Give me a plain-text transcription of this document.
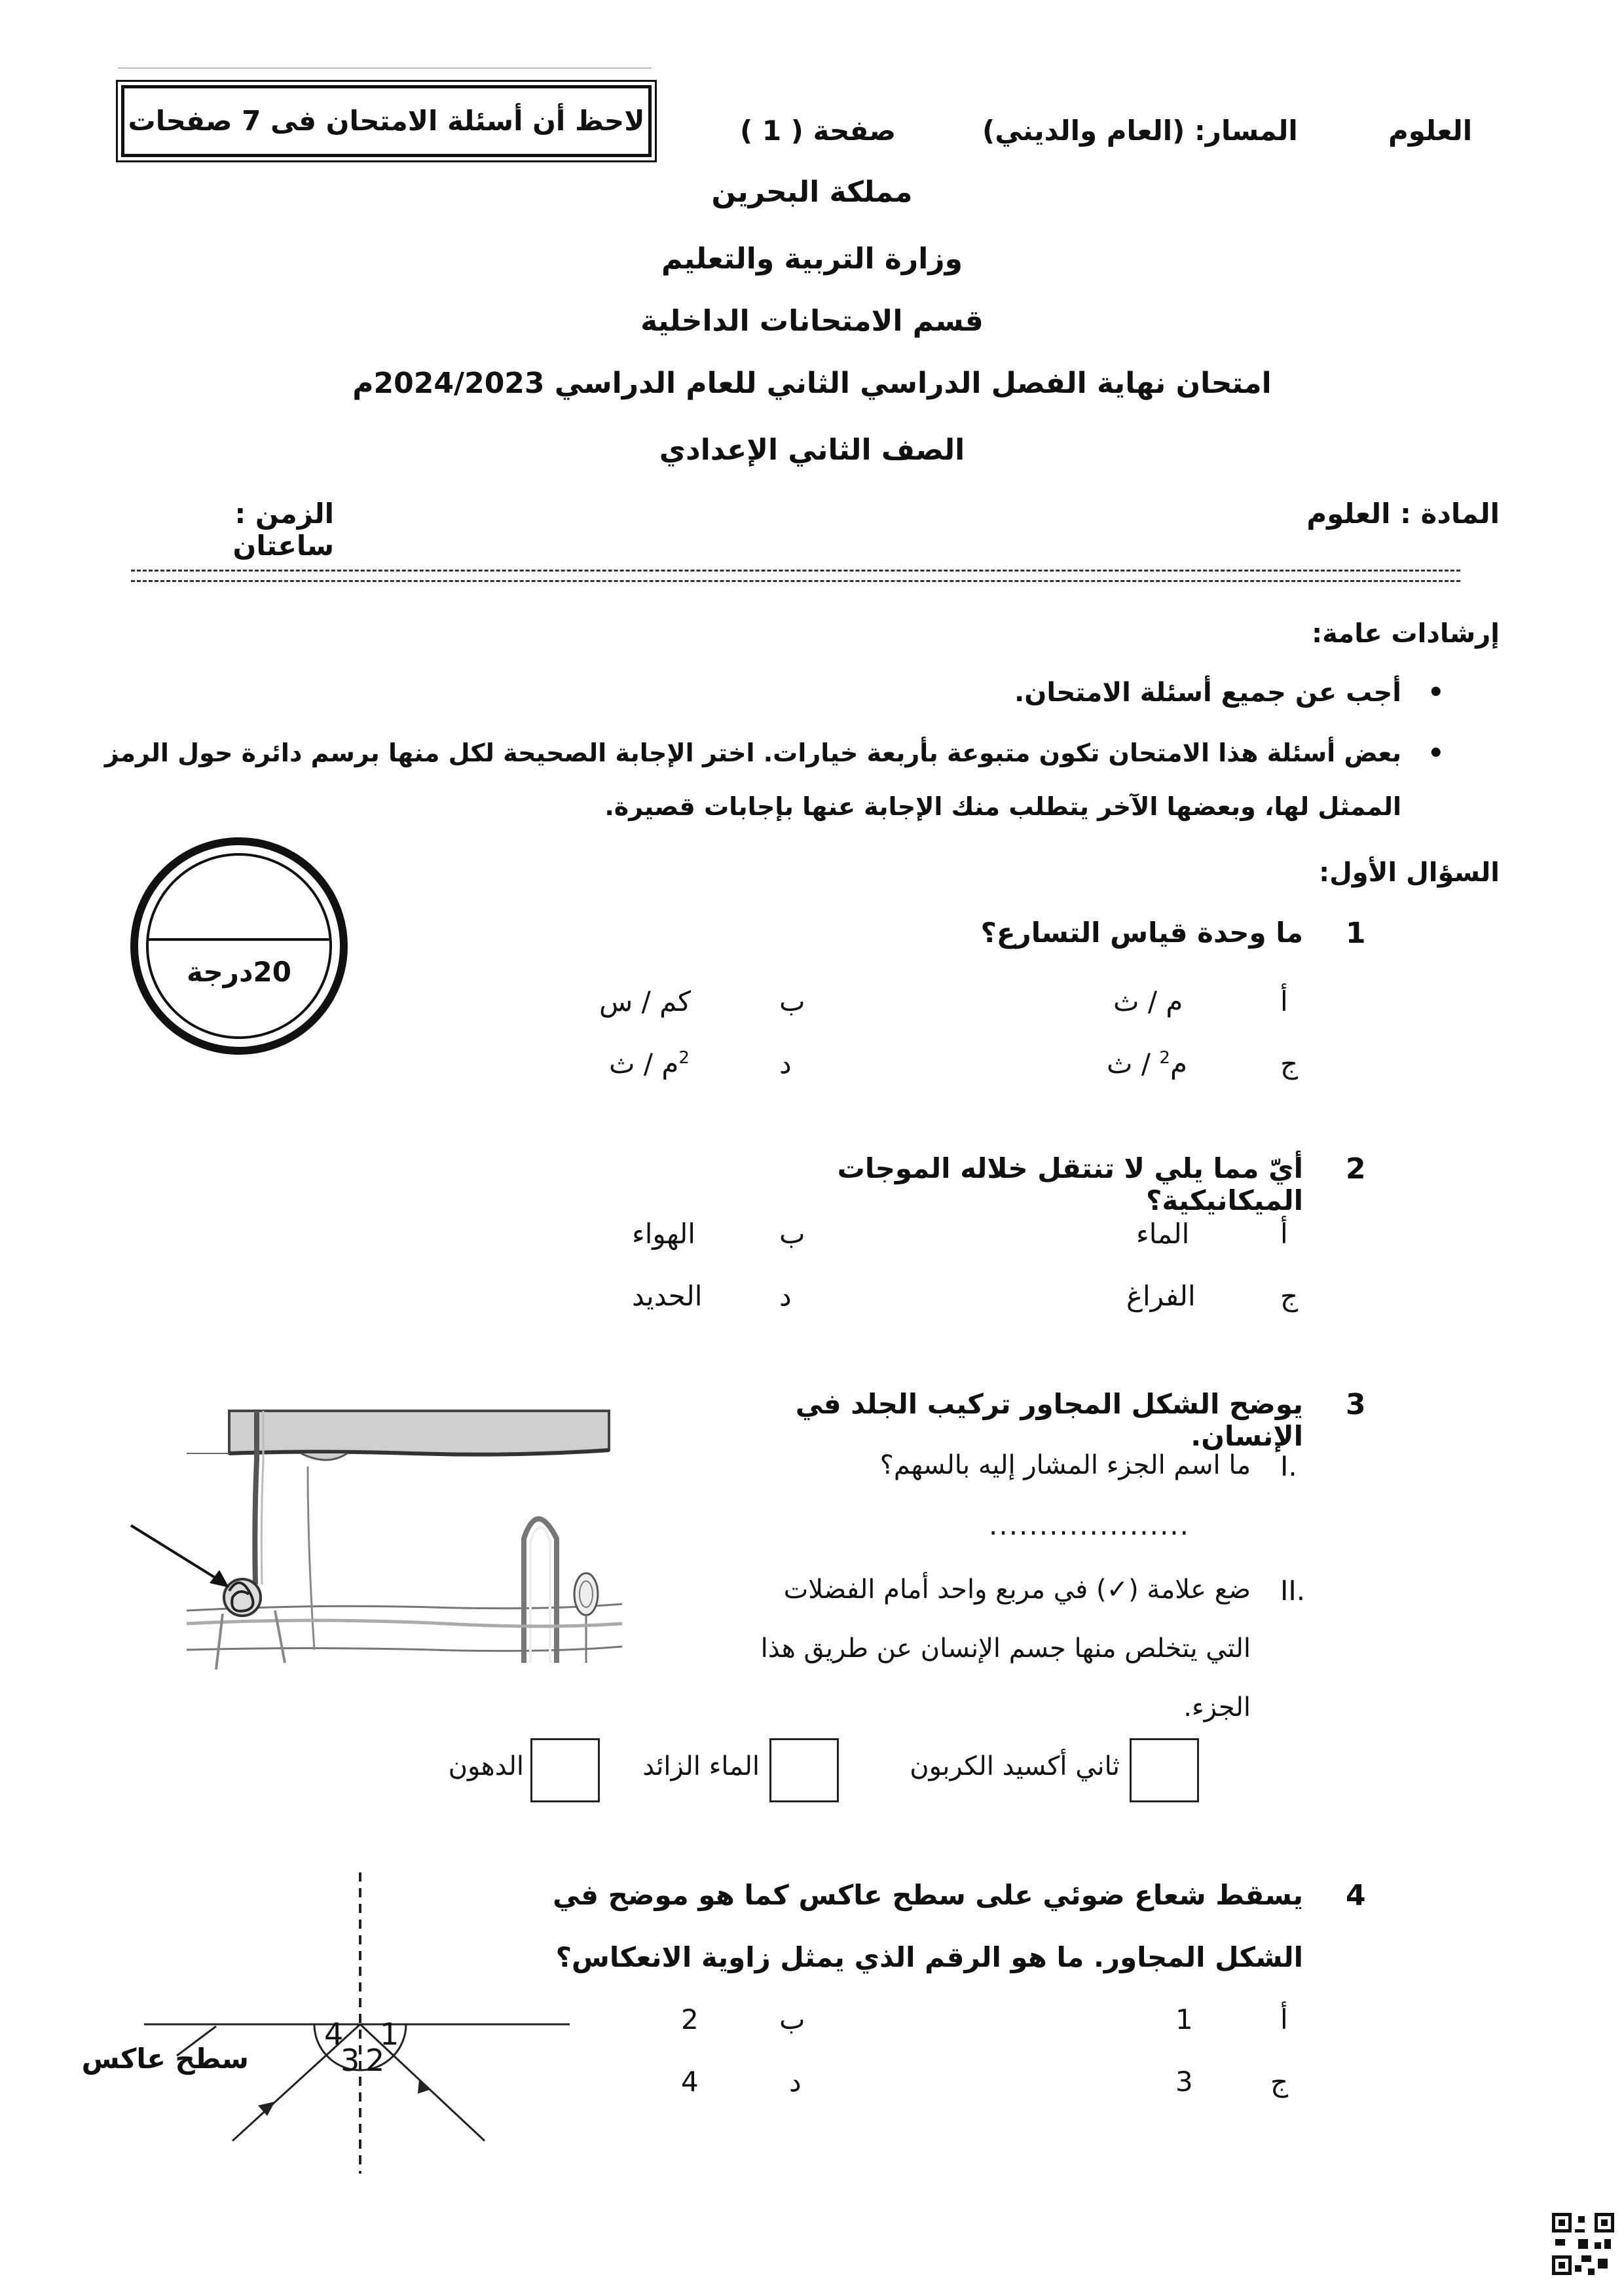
العلوم
المسار: (العام والديني)
صفحة ( 1 )
لاحظ أن أسئلة الامتحان فى 7 صفحات
مملكة البحرين
وزارة التربية والتعليم
قسم الامتحانات الداخلية
امتحان نهاية الفصل الدراسي الثاني للعام الدراسي 2024/2023م
الصف الثاني الإعدادي
المادة : العلوم
الزمن : ساعتان
إرشادات عامة:
•
أجب عن جميع أسئلة الامتحان.
•
بعض أسئلة هذا الامتحان تكون متبوعة بأربعة خيارات. اختر الإجابة الصحيحة لكل منها برسم دائرة حول الرمز
الممثل لها، وبعضها الآخر يتطلب منك الإجابة عنها بإجابات قصيرة.
السؤال الأول:
20درجة
1
ما وحدة قياس التسارع؟
أ
م / ث
ب
كم / س
ج
م$^2$ / ث
د
$^2$م / ث
2
أيّ مما يلي لا تنتقل خلاله الموجات الميكانيكية؟
أ
الماء
ب
الهواء
ج
الفراغ
د
الحديد
3
يوضح الشكل المجاور تركيب الجلد في الإنسان.
I.
ما اسم الجزء المشار إليه بالسهم؟
....................
II.
ضع علامة (✓) في مربع واحد أمام الفضلات
التي يتخلص منها جسم الإنسان عن طريق هذا
الجزء.
ثاني أكسيد الكربون
الماء الزائد
الدهون
4
يسقط شعاع ضوئي على سطح عاكس كما هو موضح في
الشكل المجاور. ما هو الرقم الذي يمثل زاوية الانعكاس؟
أ
1
ب
2
ج
3
د
4
4 1
3 2
سطح عاكس
